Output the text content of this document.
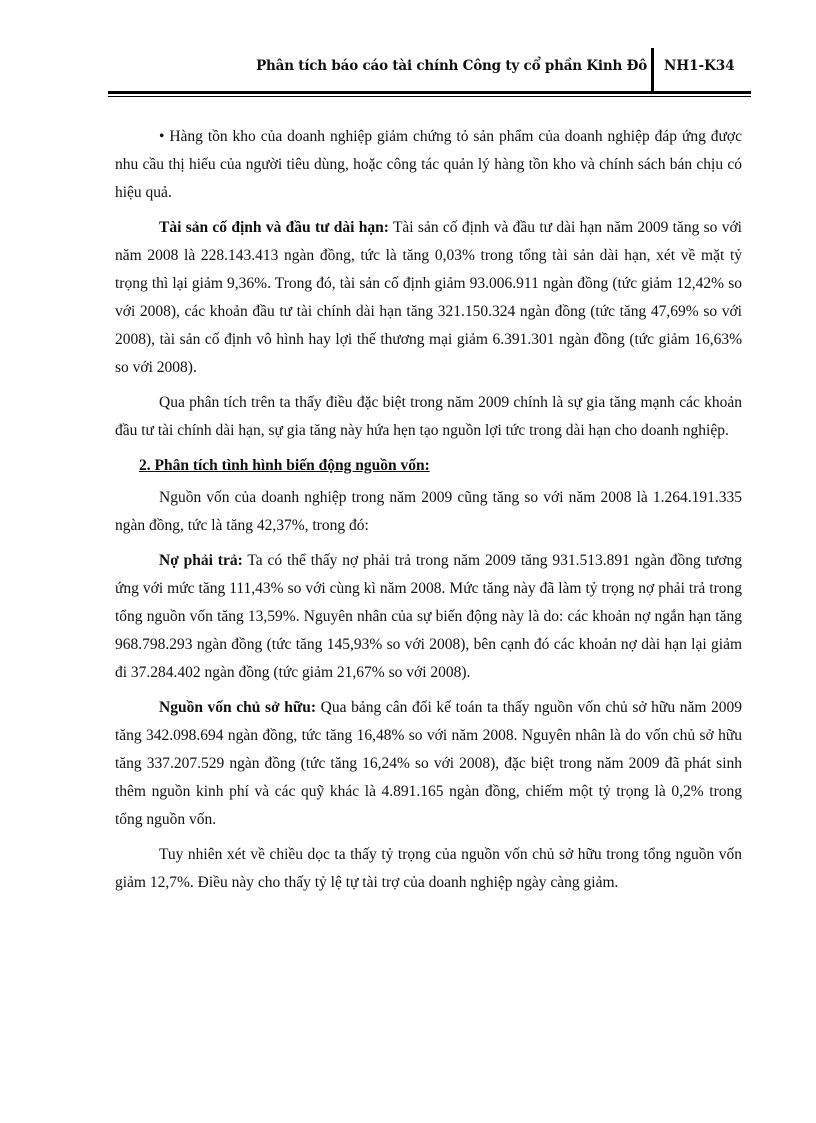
Phân tích báo cáo tài chính Công ty cổ phần Kinh Đô NH1-K34

• Hàng tồn kho của doanh nghiệp giảm chứng tỏ sản phẩm của doanh nghiệp đáp ứng được nhu cầu thị hiếu của người tiêu dùng, hoặc công tác quản lý hàng tồn kho và chính sách bán chịu có hiệu quả.

Tài sản cố định và đầu tư dài hạn: Tài sản cố định và đầu tư dài hạn năm 2009 tăng so với năm 2008 là 228.143.413 ngàn đồng, tức là tăng 0,03% trong tổng tài sản dài hạn, xét về mặt tỷ trọng thì lại giảm 9,36%. Trong đó, tài sản cố định giảm 93.006.911 ngàn đồng (tức giảm 12,42% so với 2008), các khoản đầu tư tài chính dài hạn tăng 321.150.324 ngàn đồng (tức tăng 47,69% so với 2008), tài sản cố định vô hình hay lợi thế thương mại giảm 6.391.301 ngàn đồng (tức giảm 16,63% so với 2008).

Qua phân tích trên ta thấy điều đặc biệt trong năm 2009 chính là sự gia tăng mạnh các khoản đầu tư tài chính dài hạn, sự gia tăng này hứa hẹn tạo nguồn lợi tức trong dài hạn cho doanh nghiệp.

2. Phân tích tình hình biến động nguồn vốn:

Nguồn vốn của doanh nghiệp trong năm 2009 cũng tăng so với năm 2008 là 1.264.191.335 ngàn đồng, tức là tăng 42,37%, trong đó:

Nợ phải trả: Ta có thể thấy nợ phải trả trong năm 2009 tăng 931.513.891 ngàn đồng tương ứng với mức tăng 111,43% so với cùng kì năm 2008. Mức tăng này đã làm tỷ trọng nợ phải trả trong tổng nguồn vốn tăng 13,59%. Nguyên nhân của sự biến động này là do: các khoản nợ ngắn hạn tăng 968.798.293 ngàn đồng (tức tăng 145,93% so với 2008), bên cạnh đó các khoản nợ dài hạn lại giảm đi 37.284.402 ngàn đồng (tức giảm 21,67% so với 2008).

Nguồn vốn chủ sở hữu: Qua bảng cân đối kế toán ta thấy nguồn vốn chủ sở hữu năm 2009 tăng 342.098.694 ngàn đồng, tức tăng 16,48% so với năm 2008. Nguyên nhân là do vốn chủ sở hữu tăng 337.207.529 ngàn đồng (tức tăng 16,24% so với 2008), đặc biệt trong năm 2009 đã phát sinh thêm nguồn kinh phí và các quỹ khác là 4.891.165 ngàn đồng, chiếm một tỷ trọng là 0,2% trong tổng nguồn vốn.

Tuy nhiên xét về chiều dọc ta thấy tỷ trọng của nguồn vốn chủ sở hữu trong tổng nguồn vốn giảm 12,7%. Điều này cho thấy tỷ lệ tự tài trợ của doanh nghiệp ngày càng giảm.
